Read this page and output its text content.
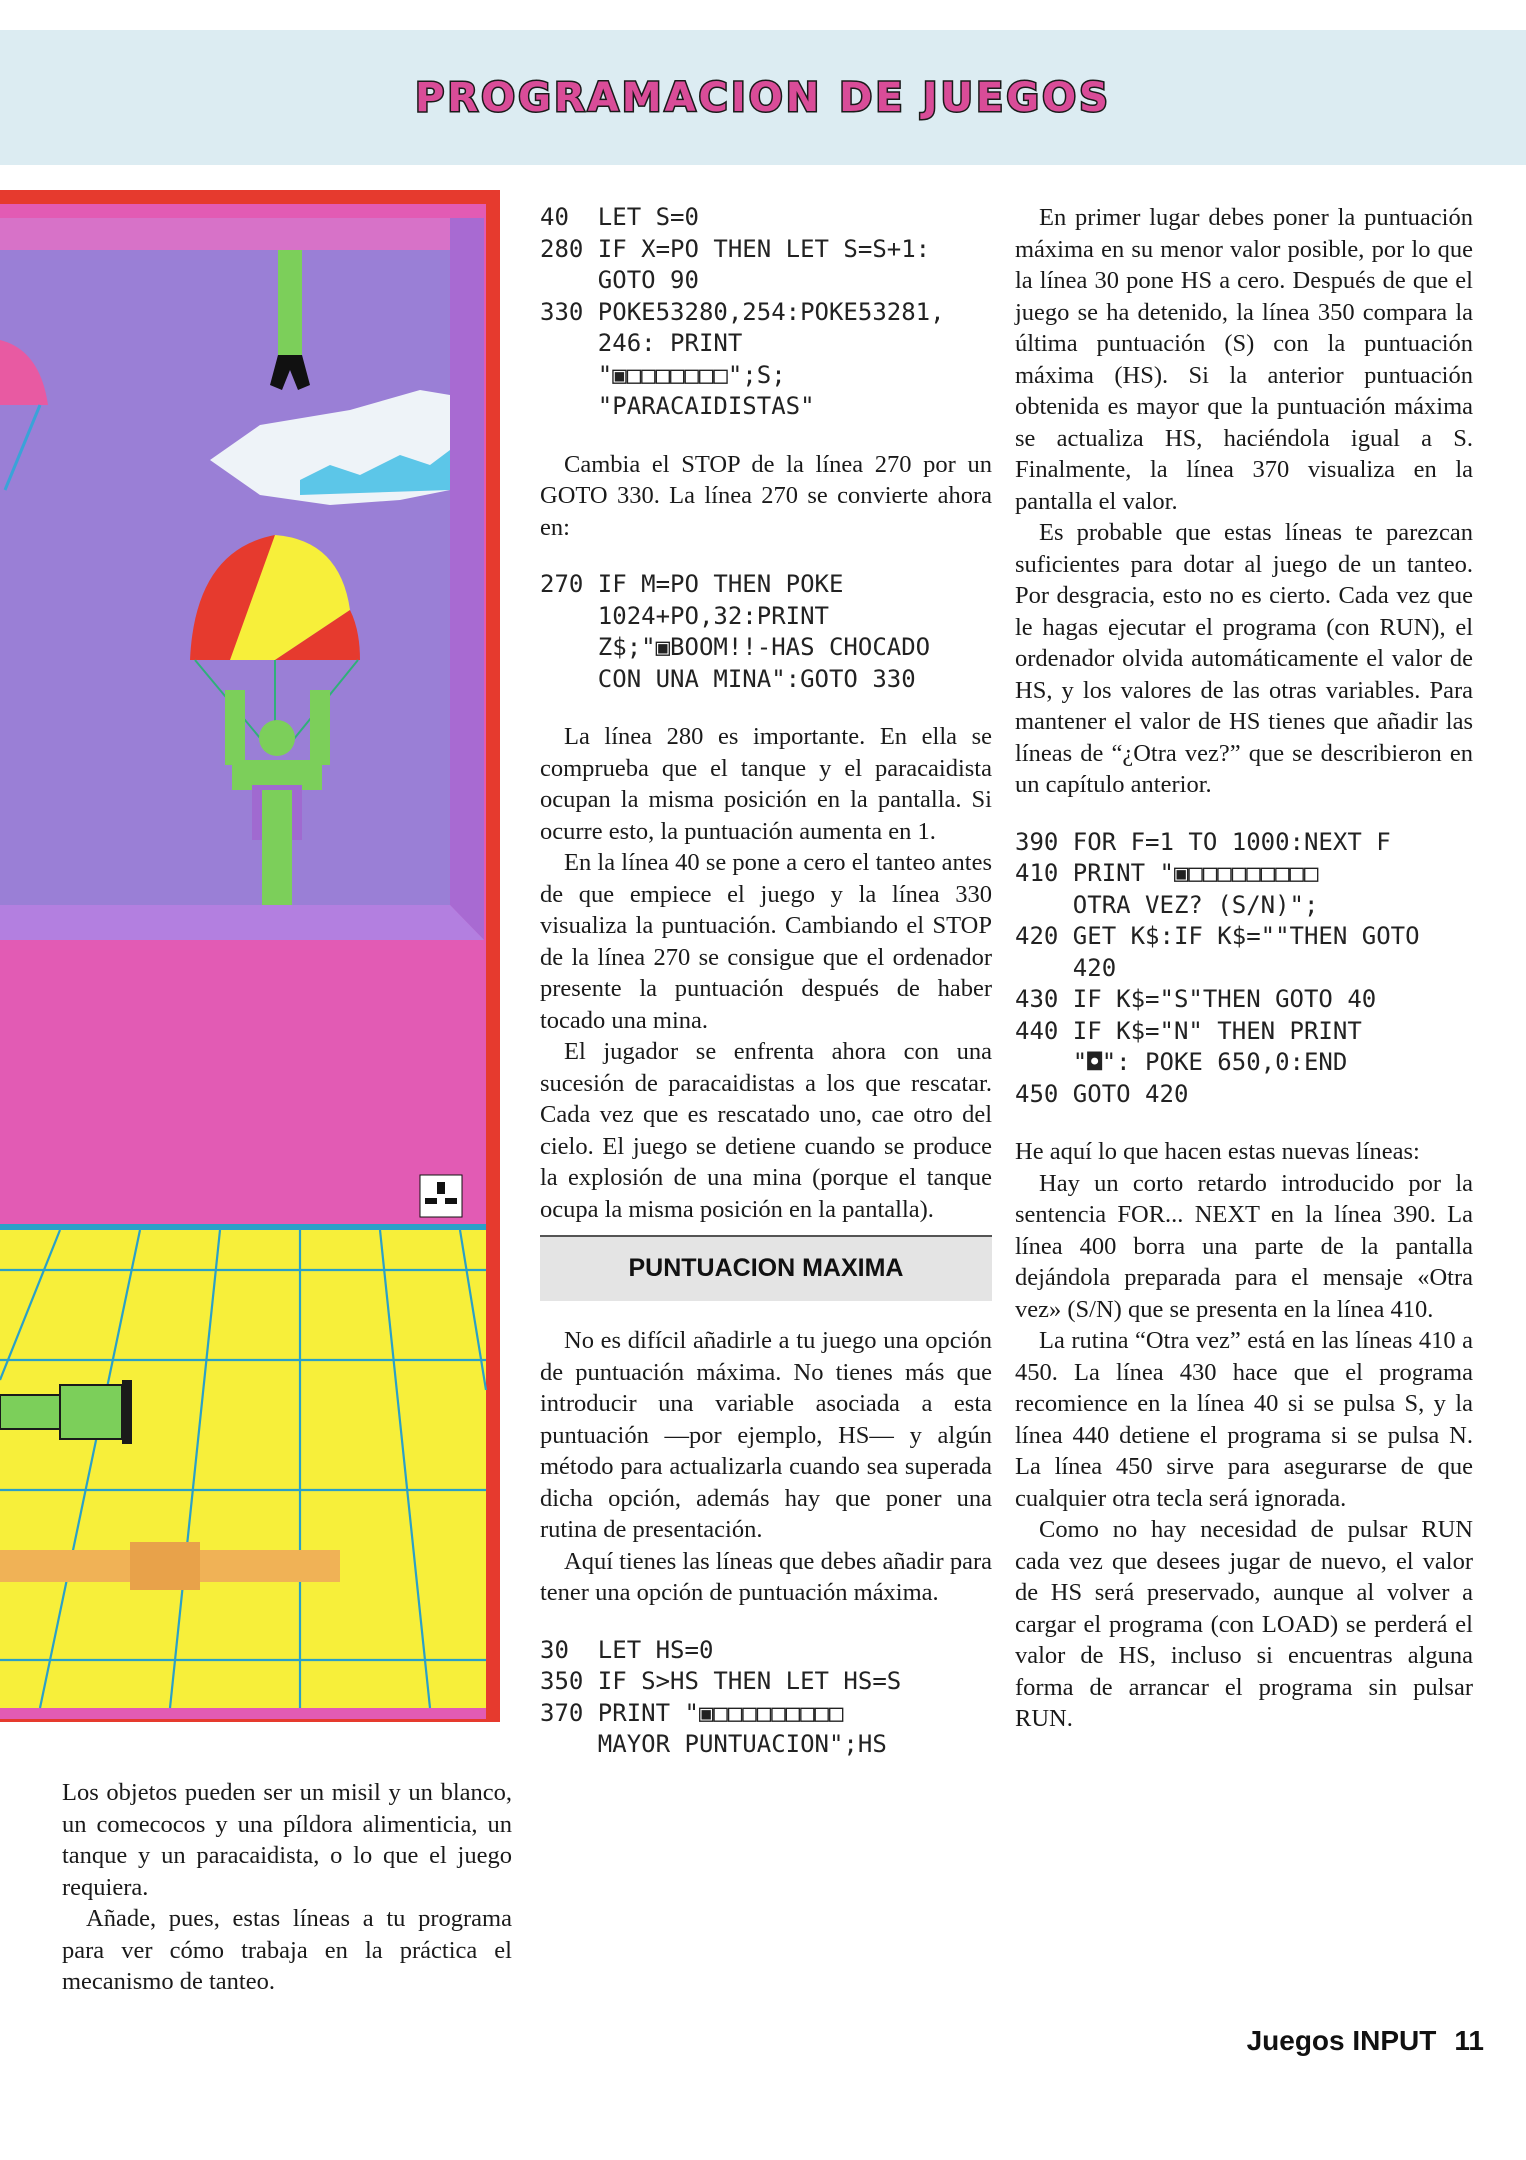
PROGRAMACION DE JUEGOS

Los objetos pueden ser un misil y un blanco, un comecocos y una píldora alimenticia, un tanque y un paracaidista, o lo que el juego requiera.

Añade, pues, estas líneas a tu programa para ver cómo trabaja en la práctica el mecanismo de tanteo.

40  LET S=0
280 IF X=PO THEN LET S=S+1:
GOTO 90
330 POKE53280,254:POKE53281,
246: PRINT
"▣□□□□□□□";S;
"PARACAIDISTAS"

Cambia el STOP de la línea 270 por un GOTO 330. La línea 270 se convierte ahora en:

270 IF M=PO THEN POKE
1024+PO,32:PRINT
Z$;"▣BOOM!!-HAS CHOCADO
CON UNA MINA":GOTO 330

La línea 280 es importante. En ella se comprueba que el tanque y el paracaidista ocupan la misma posición en la pantalla. Si ocurre esto, la puntuación aumenta en 1.

En la línea 40 se pone a cero el tanteo antes de que empiece el juego y la línea 330 visualiza la puntuación. Cambiando el STOP de la línea 270 se consigue que el ordenador presente la puntuación después de haber tocado una mina.

El jugador se enfrenta ahora con una sucesión de paracaidistas a los que rescatar. Cada vez que es rescatado uno, cae otro del cielo. El juego se detiene cuando se produce la explosión de una mina (porque el tanque ocupa la misma posición en la pantalla).

PUNTUACION MAXIMA

No es difícil añadirle a tu juego una opción de puntuación máxima. No tienes más que introducir una variable asociada a esta puntuación —por ejemplo, HS— y algún método para actualizarla cuando sea superada dicha opción, además hay que poner una rutina de presentación.

Aquí tienes las líneas que debes añadir para tener una opción de puntuación máxima.

30  LET HS=0
350 IF S>HS THEN LET HS=S
370 PRINT "▣□□□□□□□□□
MAYOR PUNTUACION";HS

En primer lugar debes poner la puntuación máxima en su menor valor posible, por lo que la línea 30 pone HS a cero. Después de que el juego se ha detenido, la línea 350 compara la última puntuación (S) con la puntuación máxima (HS). Si la anterior puntuación obtenida es mayor que la puntuación máxima se actualiza HS, haciéndola igual a S. Finalmente, la línea 370 visualiza en la pantalla el valor.

Es probable que estas líneas te parezcan suficientes para dotar al juego de un tanteo. Por desgracia, esto no es cierto. Cada vez que le hagas ejecutar el programa (con RUN), el ordenador olvida automáticamente el valor de HS, y los valores de las otras variables. Para mantener el valor de HS tienes que añadir las líneas de “¿Otra vez?” que se describieron en un capítulo anterior.

390 FOR F=1 TO 1000:NEXT F
410 PRINT "▣□□□□□□□□□
OTRA VEZ? (S/N)";
420 GET K$:IF K$=""THEN GOTO
420
430 IF K$="S"THEN GOTO 40
440 IF K$="N" THEN PRINT
"◘": POKE 650,0:END
450 GOTO 420

He aquí lo que hacen estas nuevas líneas:

Hay un corto retardo introducido por la sentencia FOR... NEXT en la línea 390. La línea 400 borra una parte de la pantalla dejándola preparada para el mensaje «Otra vez» (S/N) que se presenta en la línea 410.

La rutina “Otra vez” está en las líneas 410 a 450. La línea 430 hace que el programa recomience en la línea 40 si se pulsa S, y la línea 440 detiene el programa si se pulsa N. La línea 450 sirve para asegurarse de que cualquier otra tecla será ignorada.

Como no hay necesidad de pulsar RUN cada vez que desees jugar de nuevo, el valor de HS será preservado, aunque al volver a cargar el programa (con LOAD) se perderá el valor de HS, incluso si encuentras alguna forma de arrancar el programa sin pulsar RUN.

Juegos INPUT 11
